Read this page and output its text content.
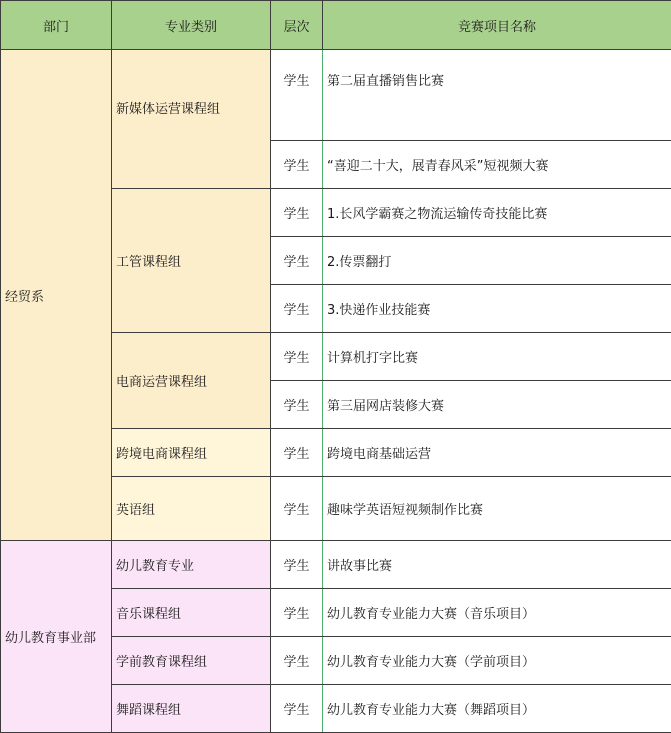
部门	专业类别	层次	竞赛项目名称
经贸系	新媒体运营课程组	学生	第二届直播销售比赛
		学生	“喜迎二十大，展青春风采”短视频大赛
	工管课程组	学生	1.长风学霸赛之物流运输传奇技能比赛
		学生	2.传票翻打
		学生	3.快递作业技能赛
	电商运营课程组	学生	计算机打字比赛
		学生	第三届网店装修大赛
	跨境电商课程组	学生	跨境电商基础运营
	英语组	学生	趣味学英语短视频制作比赛
幼儿教育事业部	幼儿教育专业	学生	讲故事比赛
	音乐课程组	学生	幼儿教育专业能力大赛（音乐项目）
	学前教育课程组	学生	幼儿教育专业能力大赛（学前项目）
	舞蹈课程组	学生	幼儿教育专业能力大赛（舞蹈项目）
